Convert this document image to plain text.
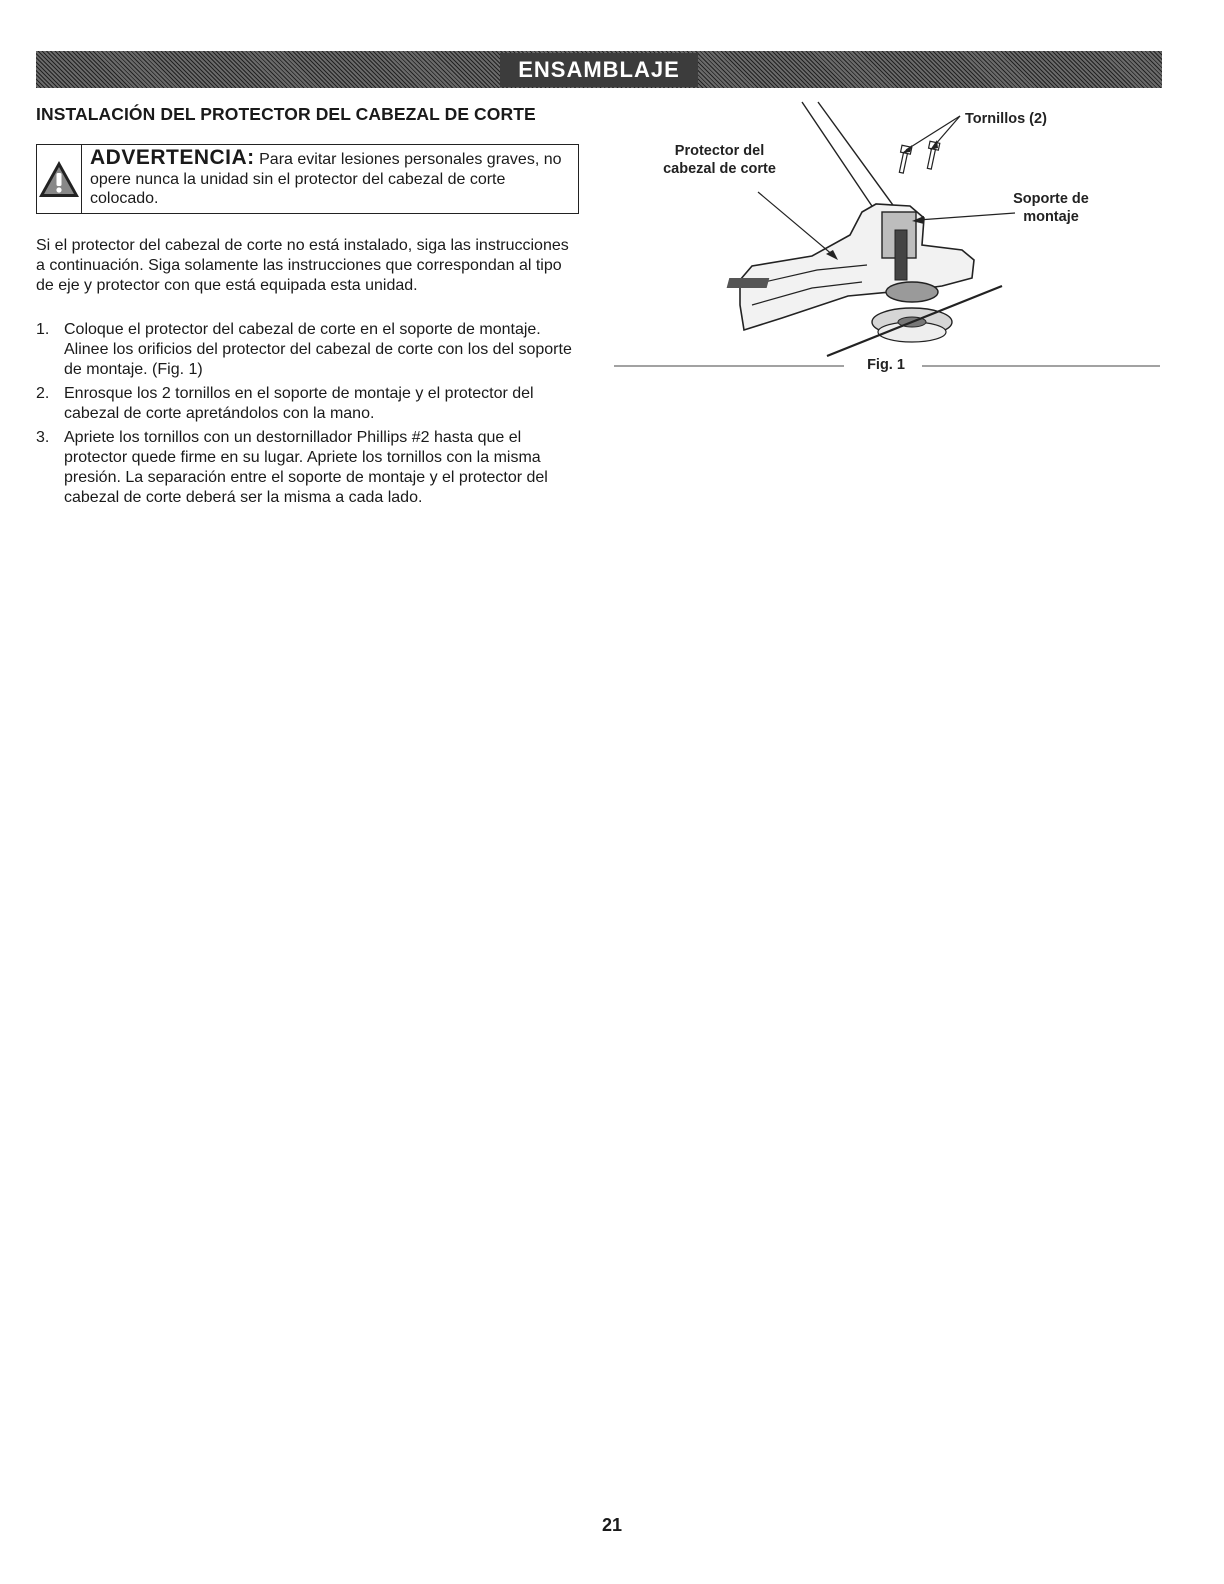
ENSAMBLAJE
INSTALACIÓN DEL PROTECTOR DEL CABEZAL DE CORTE
ADVERTENCIA: Para evitar lesiones personales graves, no opere nunca la unidad sin el protector del cabezal de corte colocado.
Si el protector del cabezal de corte no está instalado, siga las instrucciones a continuación. Siga solamente las instrucciones que correspondan al tipo de eje y protector con que está equipada esta unidad.
1. Coloque el protector del cabezal de corte en el soporte de montaje. Alinee los orificios del protector del cabezal de corte con los del soporte de montaje. (Fig. 1)
2. Enrosque los 2 tornillos en el soporte de montaje y el protector del cabezal de corte apretándolos con la mano.
3. Apriete los tornillos con un destornillador Phillips #2 hasta que el protector quede firme en su lugar. Apriete los tornillos con la misma presión. La separación entre el soporte de montaje y el protector del cabezal de corte deberá ser la misma a cada lado.
Tornillos (2)
Protector del
cabezal de corte
Soporte de
montaje
Fig. 1
21
